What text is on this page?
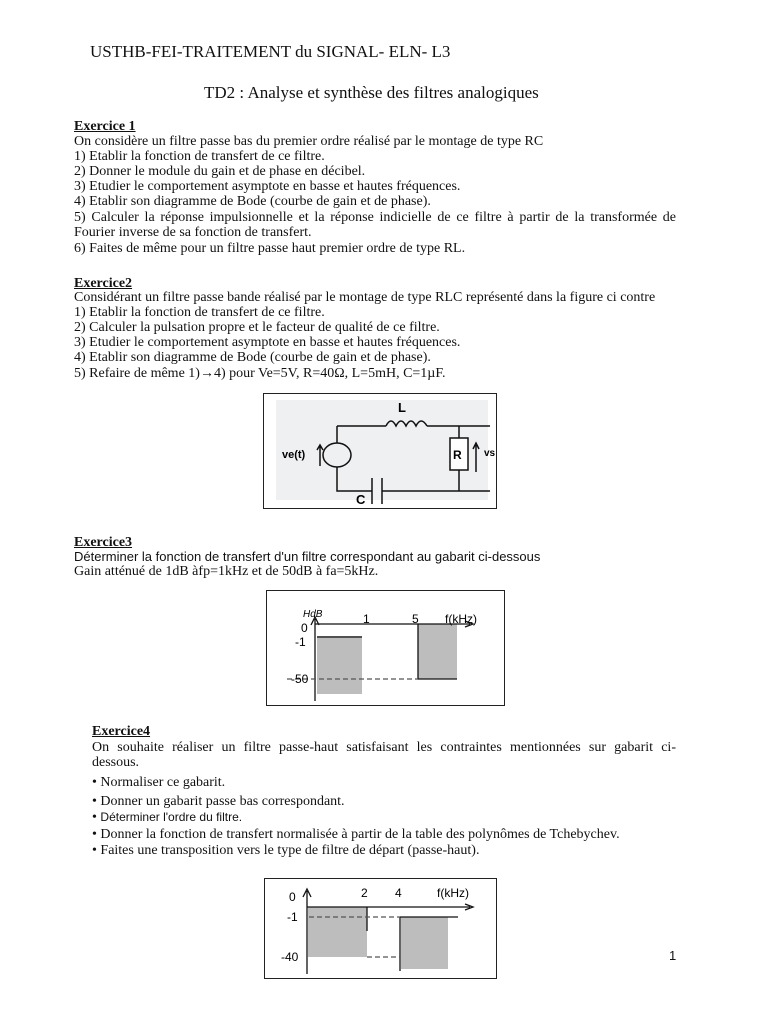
USTHB-FEI-TRAITEMENT du SIGNAL- ELN- L3
TD2 : Analyse et synthèse des filtres analogiques
Exercice 1
On considère un filtre passe bas du premier ordre réalisé par le montage de type RC
1) Etablir la fonction de transfert de ce filtre.
2) Donner le module du gain et de phase en décibel.
3) Etudier le comportement asymptote en basse et hautes fréquences.
4) Etablir son diagramme de Bode (courbe de gain et de phase).
5) Calculer la réponse impulsionnelle et la réponse indicielle de ce filtre à partir de la transformée de
Fourier inverse de sa fonction de transfert.
6) Faites de même pour un filtre passe haut premier ordre de type RL.
Exercice2
Considérant un filtre passe bande réalisé par le montage de type RLC représenté dans la figure ci contre
1) Etablir la fonction de transfert de ce filtre.
2) Calculer la pulsation propre et le facteur de qualité de ce filtre.
3) Etudier le comportement asymptote en basse et hautes fréquences.
4) Etablir son diagramme de Bode (courbe de gain et de phase).
5) Refaire de même 1)→4) pour Ve=5V, R=40Ω, L=5mH, C=1µF.
L
R
C
ve(t)	vs
Exercice3
Déterminer la fonction de transfert d'un filtre correspondant au gabarit ci-dessous
Gain atténué de 1dB àfp=1kHz et de 50dB à fa=5kHz.
HdB
0
-1
-50
1	5 f(kHz)
Exercice4
On souhaite réaliser un filtre passe-haut satisfaisant les contraintes mentionnées sur gabarit ci-
dessous.
• Normaliser ce gabarit.
• Donner un gabarit passe bas correspondant.
• Déterminer l'ordre du filtre.
• Donner la fonction de transfert normalisée à partir de la table des polynômes de Tchebychev.
• Faites une transposition vers le type de filtre de départ (passe-haut).
0
-1
-40
2 4	f(kHz)
1
